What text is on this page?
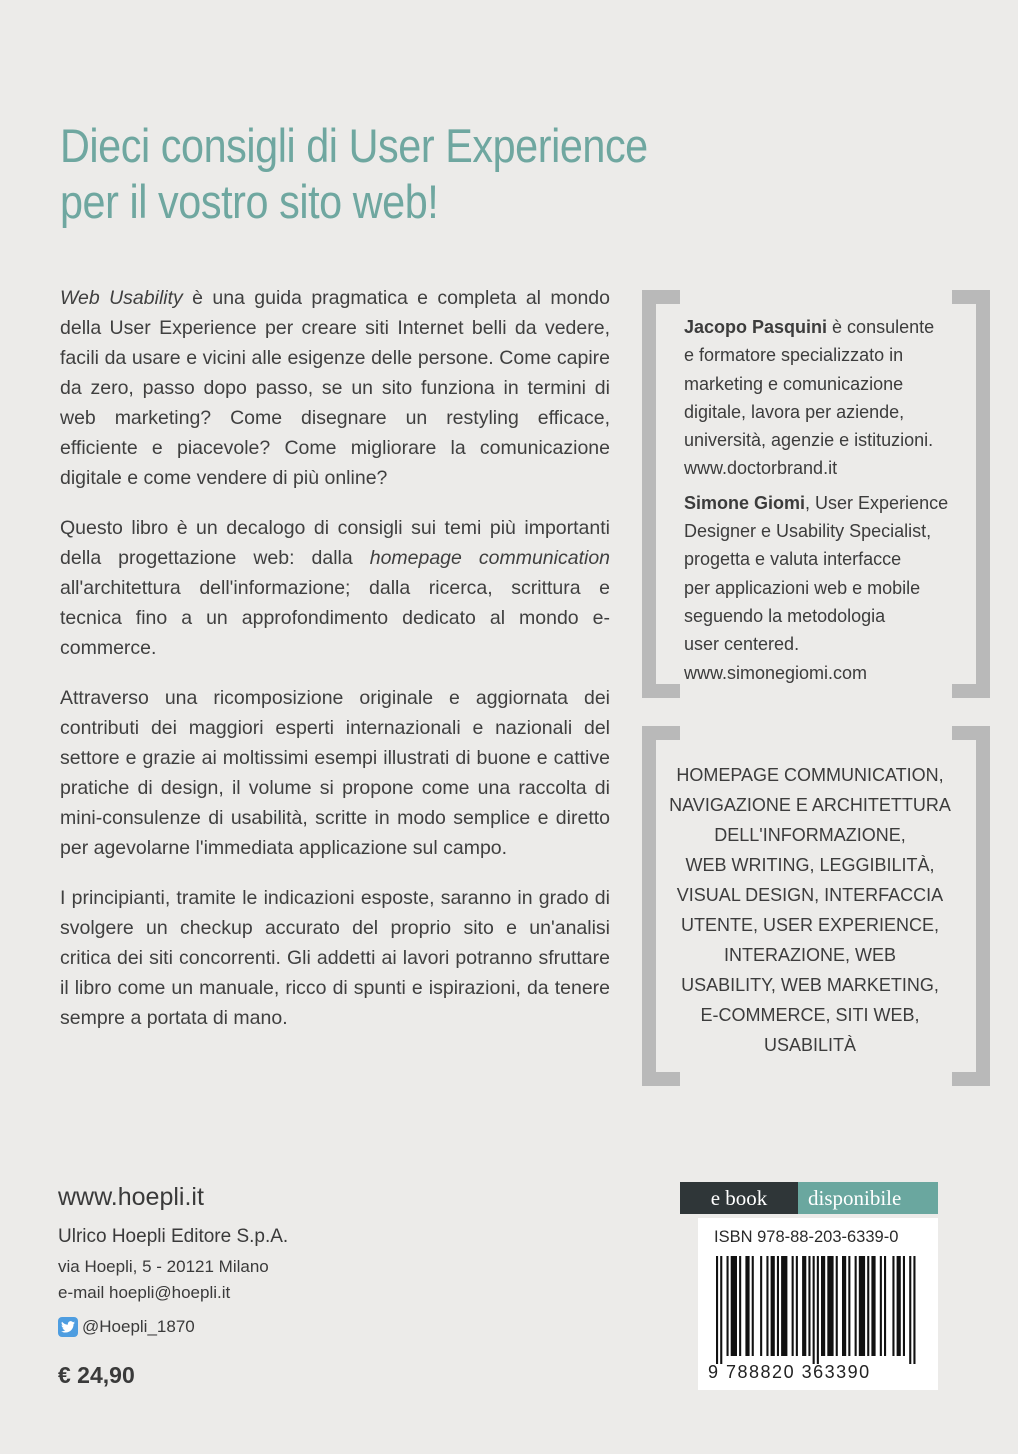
Dieci consigli di User Experience
per il vostro sito web!

Web Usability è una guida pragmatica e completa al mondo della User Experience per creare siti Internet belli da vedere, facili da usare e vicini alle esigenze delle persone. Come capire da zero, passo dopo passo, se un sito funziona in termini di web marketing? Come disegnare un restyling efficace, efficiente e piacevole? Come migliorare la comunicazione digitale e come vendere di più online?

Questo libro è un decalogo di consigli sui temi più importanti della progettazione web: dalla homepage communication all'architettura dell'informazione; dalla ricerca, scrittura e tecnica fino a un approfondimento dedicato al mondo e-commerce.

Attraverso una ricomposizione originale e aggiornata dei contributi dei maggiori esperti internazionali e nazionali del settore e grazie ai moltissimi esempi illustrati di buone e cattive pratiche di design, il volume si propone come una raccolta di mini-consulenze di usabilità, scritte in modo semplice e diretto per agevolarne l'immediata applicazione sul campo.

I principianti, tramite le indicazioni esposte, saranno in grado di svolgere un checkup accurato del proprio sito e un'analisi critica dei siti concorrenti. Gli addetti ai lavori potranno sfruttare il libro come un manuale, ricco di spunti e ispirazioni, da tenere sempre a portata di mano.

Jacopo Pasquini è consulente
e formatore specializzato in
marketing e comunicazione
digitale, lavora per aziende,
università, agenzie e istituzioni.
www.doctorbrand.it

Simone Giomi, User Experience
Designer e Usability Specialist,
progetta e valuta interfacce
per applicazioni web e mobile
seguendo la metodologia
user centered.
www.simonegiomi.com

HOMEPAGE COMMUNICATION,
NAVIGAZIONE E ARCHITETTURA
DELL'INFORMAZIONE,
WEB WRITING, LEGGIBILITÀ,
VISUAL DESIGN, INTERFACCIA
UTENTE, USER EXPERIENCE,
INTERAZIONE, WEB
USABILITY, WEB MARKETING,
E-COMMERCE, SITI WEB,
USABILITÀ
www.hoepli.it
Ulrico Hoepli Editore S.p.A.
via Hoepli, 5 - 20121 Milano
e-mail hoepli@hoepli.it
@Hoepli_1870
€ 24,90
e book	disponibile
ISBN 978-88-203-6339-0
9 788820 363390
